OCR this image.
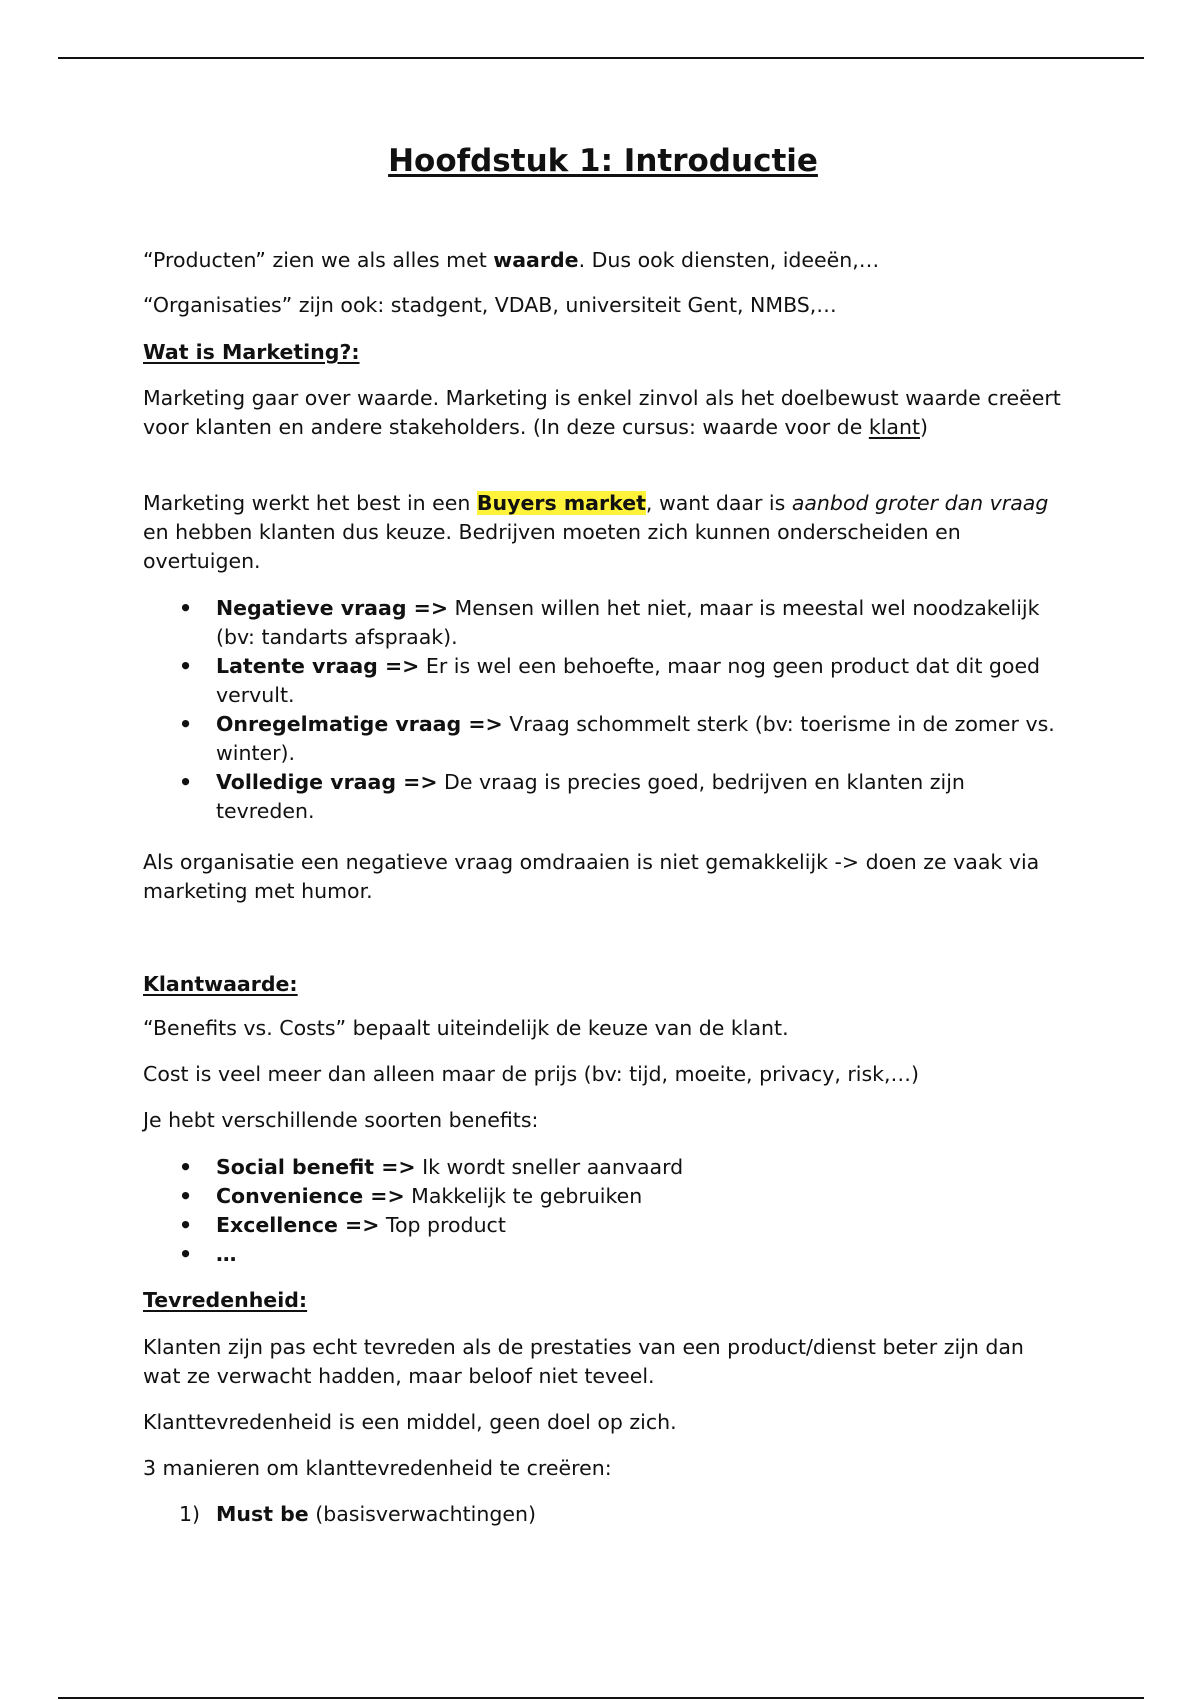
Hoofdstuk 1: Introductie

“Producten” zien we als alles met waarde. Dus ook diensten, ideeën,…

“Organisaties” zijn ook: stadgent, VDAB, universiteit Gent, NMBS,…

Wat is Marketing?:

Marketing gaar over waarde. Marketing is enkel zinvol als het doelbewust waarde creëert voor klanten en andere stakeholders. (In deze cursus: waarde voor de klant)

Marketing werkt het best in een Buyers market, want daar is aanbod groter dan vraag en hebben klanten dus keuze. Bedrijven moeten zich kunnen onderscheiden en overtuigen.

• Negatieve vraag => Mensen willen het niet, maar is meestal wel noodzakelijk (bv: tandarts afspraak).
• Latente vraag => Er is wel een behoefte, maar nog geen product dat dit goed vervult.
• Onregelmatige vraag => Vraag schommelt sterk (bv: toerisme in de zomer vs. winter).
• Volledige vraag => De vraag is precies goed, bedrijven en klanten zijn tevreden.

Als organisatie een negatieve vraag omdraaien is niet gemakkelijk -> doen ze vaak via marketing met humor.

Klantwaarde:

“Benefits vs. Costs” bepaalt uiteindelijk de keuze van de klant.

Cost is veel meer dan alleen maar de prijs (bv: tijd, moeite, privacy, risk,…)

Je hebt verschillende soorten benefits:

• Social benefit => Ik wordt sneller aanvaard
• Convenience => Makkelijk te gebruiken
• Excellence => Top product
• …

Tevredenheid:

Klanten zijn pas echt tevreden als de prestaties van een product/dienst beter zijn dan wat ze verwacht hadden, maar beloof niet teveel.

Klanttevredenheid is een middel, geen doel op zich.

3 manieren om klanttevredenheid te creëren:

1) Must be (basisverwachtingen)
